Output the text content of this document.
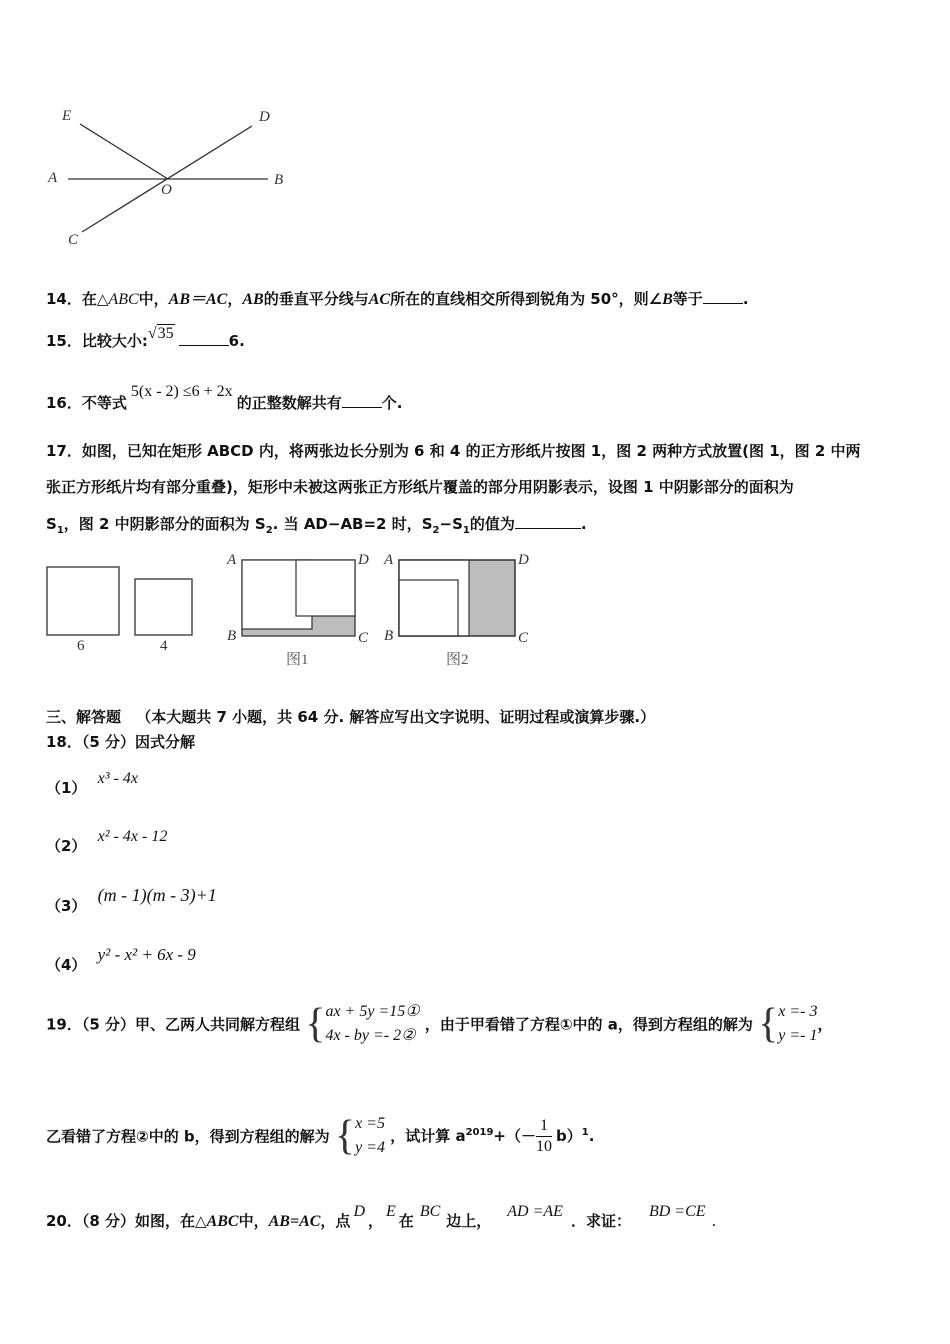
E	D
A
O
B
C
14．在△ABC中，AB＝AC，AB的垂直平分线与AC所在的直线相交所得到锐角为 50°，则∠B等于	.
15．比较大小:√35	6.
16．不等式5(x - 2) ≤6 + 2x的正整数解共有	个.
17．如图，已知在矩形 ABCD 内，将两张边长分别为 6 和 4 的正方形纸片按图 1，图 2 两种方式放置(图 1，图 2 中两
张正方形纸片均有部分重叠)，矩形中未被这两张正方形纸片覆盖的部分用阴影表示，设图 1 中阴影部分的面积为
$S_1$，图 2 中阴影部分的面积为 $S_2$. 当 AD−AB=2 时，$S_2-S_1$的值为	.
6	4
A	D
B	C
图1
A	D
B	C
图2
三、解答题 （本大题共 7 小题，共 64 分. 解答应写出文字说明、证明过程或演算步骤.）
18．（5 分）因式分解
（1） x³ - 4x
（2） x² - 4x - 12
（3） (m - 1)(m - 3)+1
（4） y² - x² + 6x - 9
19．（5 分）甲、乙两人共同解方程组 { ax + 5y =15①
4x - by =- 2②
，由于甲看错了方程①中的 a，得到方程组的解为 { x =- 3
y =- 1
，
乙看错了方程②中的 b，得到方程组的解为 { x =5
y =4
，试计算 $a^{2019}+(- \frac{1}{10} b)^1$.
20．（8 分）如图，在△ABC中，AB=AC，点D，E在BC边上，AD =AE．求证：BD =CE.
